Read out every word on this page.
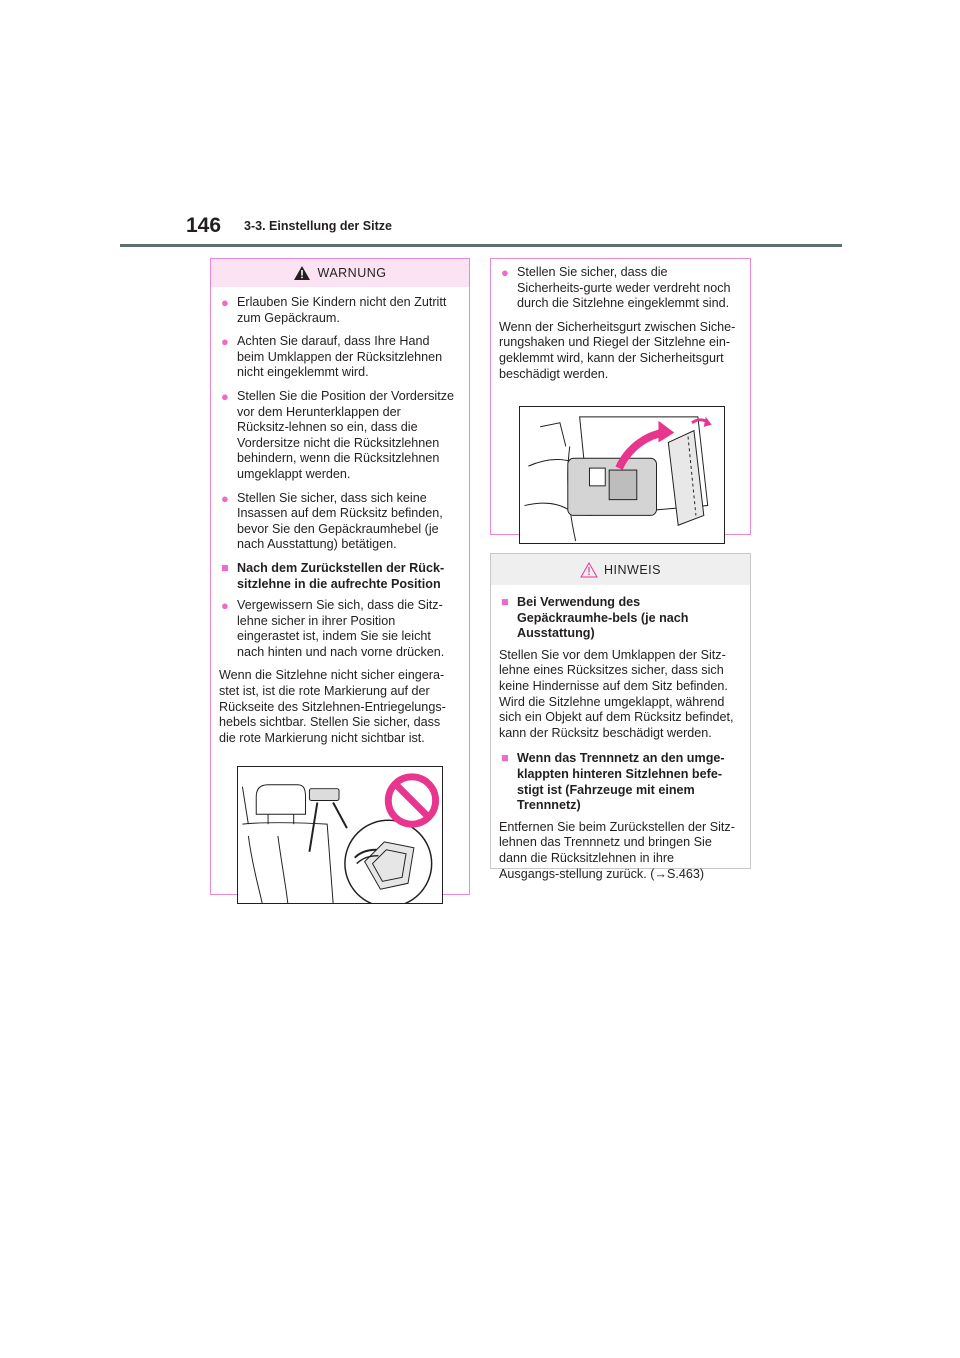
146 3-3. Einstellung der Sitze
WARNUNG
● Erlauben Sie Kindern nicht den Zutritt zum Gepäckraum.
● Achten Sie darauf, dass Ihre Hand beim Umklappen der Rücksitzlehnen nicht eingeklemmt wird.
● Stellen Sie die Position der Vordersitze vor dem Herunterklappen der Rücksitz-lehnen so ein, dass die Vordersitze nicht die Rücksitzlehnen behindern, wenn die Rücksitzlehnen umgeklappt werden.
● Stellen Sie sicher, dass sich keine Insassen auf dem Rücksitz befinden, bevor Sie den Gepäckraumhebel (je nach Ausstattung) betätigen.
■ Nach dem Zurückstellen der Rück-sitzlehne in die aufrechte Position
● Vergewissern Sie sich, dass die Sitz-lehne sicher in ihrer Position eingerastet ist, indem Sie sie leicht nach hinten und nach vorne drücken.
Wenn die Sitzlehne nicht sicher eingera-stet ist, ist die rote Markierung auf der Rückseite des Sitzlehnen-Entriegelungs-hebels sichtbar. Stellen Sie sicher, dass die rote Markierung nicht sichtbar ist.
● Stellen Sie sicher, dass die Sicherheits-gurte weder verdreht noch durch die Sitzlehne eingeklemmt sind.
Wenn der Sicherheitsgurt zwischen Siche-rungshaken und Riegel der Sitzlehne ein-geklemmt wird, kann der Sicherheitsgurt beschädigt werden.
HINWEIS
■ Bei Verwendung des Gepäckraumhe-bels (je nach Ausstattung)
Stellen Sie vor dem Umklappen der Sitz-lehne eines Rücksitzes sicher, dass sich keine Hindernisse auf dem Sitz befinden. Wird die Sitzlehne umgeklappt, während sich ein Objekt auf dem Rücksitz befindet, kann der Rücksitz beschädigt werden.
■ Wenn das Trennnetz an den umge-klappten hinteren Sitzlehnen befe-stigt ist (Fahrzeuge mit einem Trennnetz)
Entfernen Sie beim Zurückstellen der Sitz-lehnen das Trennnetz und bringen Sie dann die Rücksitzlehnen in ihre Ausgangs-stellung zurück. (→S.463)
